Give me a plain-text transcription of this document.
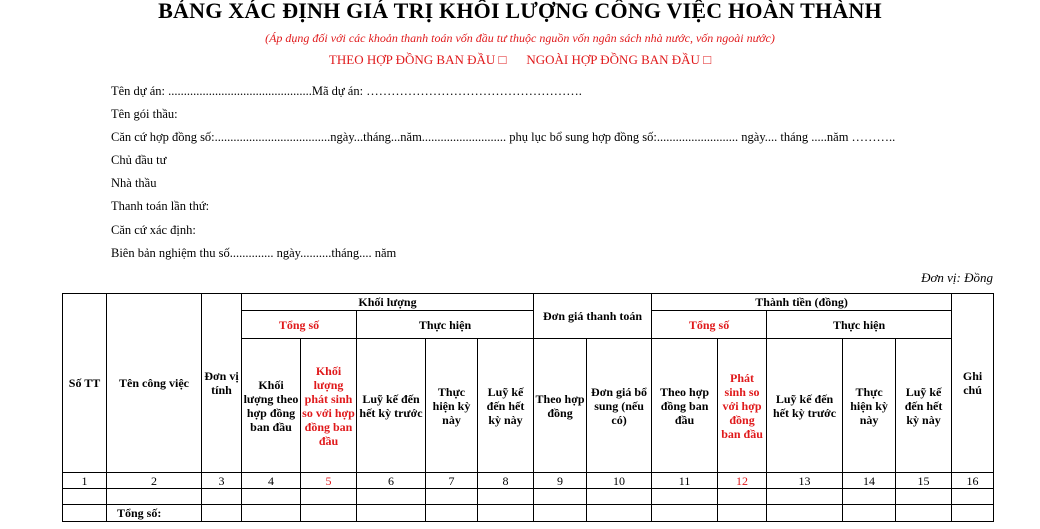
BẢNG XÁC ĐỊNH GIÁ TRỊ KHỐI LƯỢNG CÔNG VIỆC HOÀN THÀNH
(Áp dụng đối với các khoản thanh toán vốn đầu tư thuộc nguồn vốn ngân sách nhà nước, vốn ngoài nước)
THEO HỢP ĐỒNG BAN ĐẦU □ NGOÀI HỢP ĐỒNG BAN ĐẦU □
Tên dự án: ..............................................Mã dự án: …………………………………………….
Tên gói thầu:
Căn cứ hợp đồng số:.....................................ngày...tháng...năm........................... phụ lục bổ sung hợp đồng số:.......................... ngày.... tháng .....năm ………..
Chủ đầu tư
Nhà thầu
Thanh toán lần thứ:
Căn cứ xác định:
Biên bản nghiệm thu số.............. ngày..........tháng.... năm
Đơn vị: Đồng
Số TT	Tên công việc	Đơn vị tính	Khối lượng					Đơn giá thanh toán		Thành tiền (đồng)					Ghi chú
			Tổng số		Thực hiện					Tổng số		Thực hiện			
			Khối lượng theo hợp đồng ban đầu	Khối lượng phát sinh so với hợp đồng ban đầu	Luỹ kế đến hết kỳ trước	Thực hiện kỳ này	Luỹ kế đến hết kỳ này	Theo hợp đồng	Đơn giá bổ sung (nếu có)	Theo hợp đồng ban đầu	Phát sinh so với hợp đồng ban đầu	Luỹ kế đến hết kỳ trước	Thực hiện kỳ này	Luỹ kế đến hết kỳ này	
1	2	3	4	5	6	7	8	9	10	11	12	13	14	15	16

	Tổng số:														
